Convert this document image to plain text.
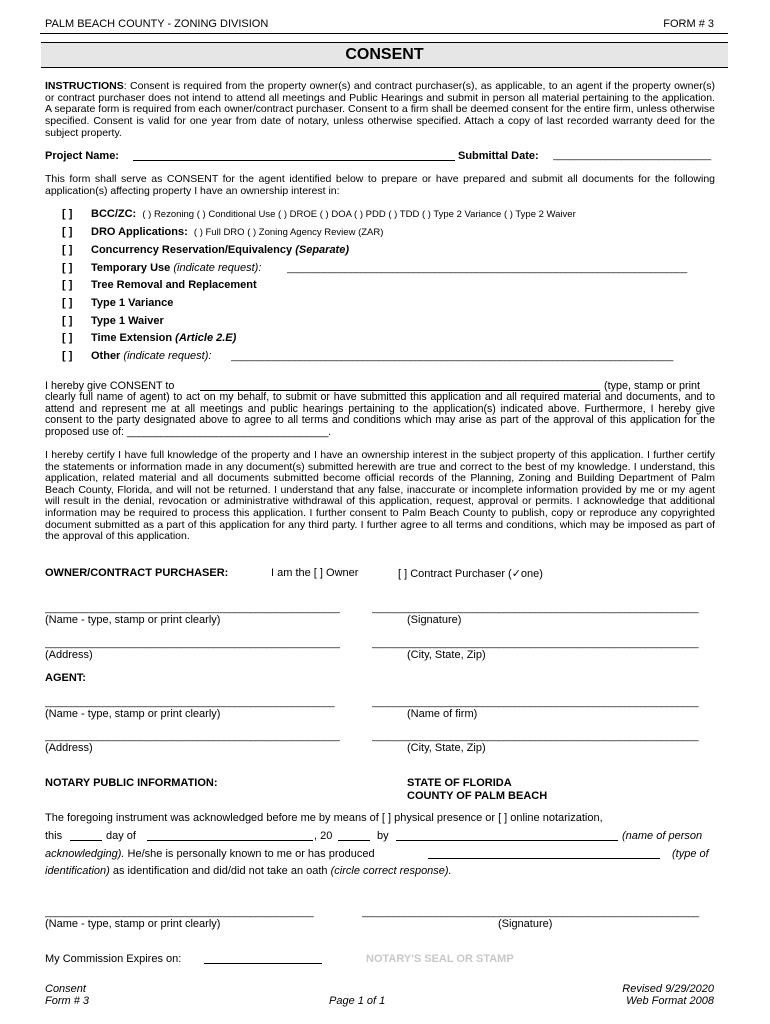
PALM BEACH COUNTY - ZONING DIVISION	FORM # 3
CONSENT
INSTRUCTIONS: Consent is required from the property owner(s) and contract purchaser(s), as applicable, to an agent if the property owner(s) or contract purchaser does not intend to attend all meetings and Public Hearings and submit in person all material pertaining to the application. A separate form is required from each owner/contract purchaser. Consent to a firm shall be deemed consent for the entire firm, unless otherwise specified. Consent is valid for one year from date of notary, unless otherwise specified. Attach a copy of last recorded warranty deed for the subject property.
Project Name:	Submittal Date: ______________________________
This form shall serve as CONSENT for the agent identified below to prepare or have prepared and submit all documents for the following application(s) affecting property I have an ownership interest in:
[ ] BCC/ZC: ( ) Rezoning ( ) Conditional Use ( ) DROE ( ) DOA ( ) PDD ( ) TDD ( ) Type 2 Variance ( ) Type 2 Waiver
[ ] DRO Applications: ( ) Full DRO ( ) Zoning Agency Review (ZAR)
[ ] Concurrency Reservation/Equivalency (Separate)
[ ] Temporary Use (indicate request):	____________________________________________________________________________
[ ] Tree Removal and Replacement
[ ] Type 1 Variance
[ ] Type 1 Waiver
[ ] Time Extension (Article 2.E)
[ ] Other (indicate request): ____________________________________________________________________________________
I hereby give CONSENT to	(type, stamp or print
clearly full name of agent) to act on my behalf, to submit or have submitted this application and all required material and documents, and to attend and represent me at all meetings and public hearings pertaining to the application(s) indicated above. Furthermore, I hereby give consent to the party designated above to agree to all terms and conditions which may arise as part of the approval of this application for the proposed use of: ____________________________________.
I hereby certify I have full knowledge of the property and I have an ownership interest in the subject property of this application. I further certify the statements or information made in any document(s) submitted herewith are true and correct to the best of my knowledge. I understand, this application, related material and all documents submitted become official records of the Planning, Zoning and Building Department of Palm Beach County, Florida, and will not be returned. I understand that any false, inaccurate or incomplete information provided by me or my agent will result in the denial, revocation or administrative withdrawal of this application, request, approval or permits. I acknowledge that additional information may be required to process this application. I further consent to Palm Beach County to publish, copy or reproduce any copyrighted document submitted as a part of this application for any third party. I further agree to all terms and conditions, which may be imposed as part of the approval of this application.
OWNER/CONTRACT PURCHASER:	I am the [ ] Owner	[ ] Contract Purchaser (✓one)
________________________________________________________	______________________________________________________________
(Name - type, stamp or print clearly)	(Signature)
________________________________________________________	______________________________________________________________
(Address)	(City, State, Zip)
AGENT:
_______________________________________________________	______________________________________________________________
(Name - type, stamp or print clearly)	(Name of firm)
________________________________________________________	______________________________________________________________
(Address)	(City, State, Zip)
NOTARY PUBLIC INFORMATION:	STATE OF FLORIDA
COUNTY OF PALM BEACH
The foregoing instrument was acknowledged before me by means of [ ] physical presence or [ ] online notarization,
this	day of	, 20	by	(name of person
acknowledging). He/she is personally known to me or has produced	(type of
identification) as identification and did/did not take an oath (circle correct response).
___________________________________________________	________________________________________________________________
(Name - type, stamp or print clearly)	(Signature)
My Commission Expires on:	NOTARY'S SEAL OR STAMP
Consent
Form # 3	Page 1 of 1
Revised 9/29/2020
Web Format 2008
